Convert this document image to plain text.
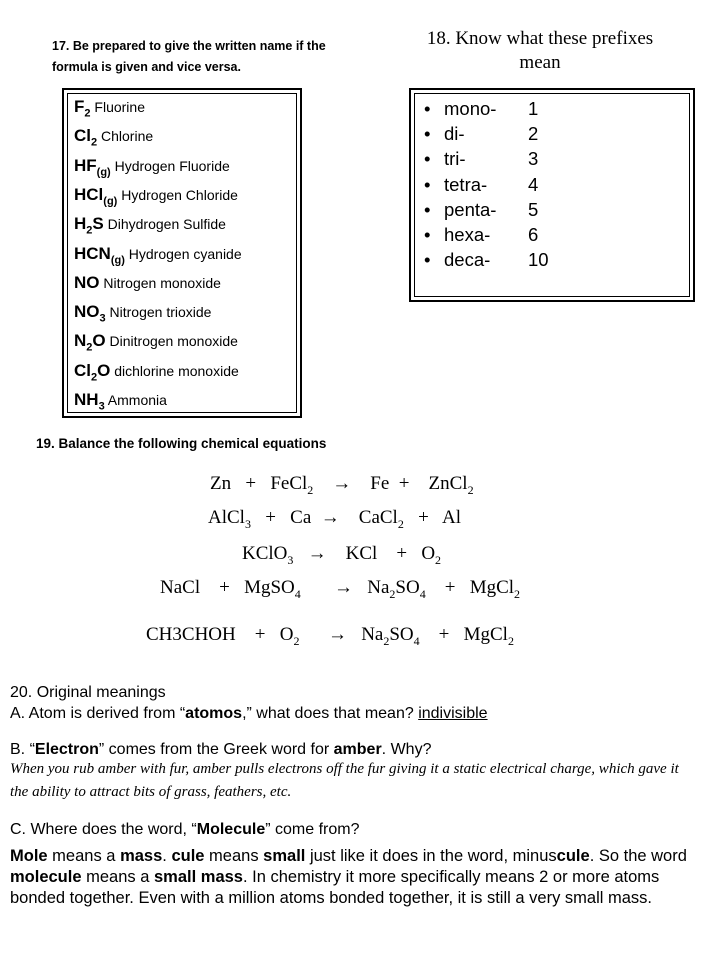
17. Be prepared to give the written name if the formula is given and vice versa.
18. Know what these prefixes mean
$F_2$ Fluorine
$Cl_2$ Chlorine
$HF_{(g)}$ Hydrogen Fluoride
HCl$_{(g)}$ Hydrogen Chloride
$H_2S$ Dihydrogen Sulfide
$HCN_{(g)}$ Hydrogen cyanide
NO Nitrogen monoxide
$NO_3$ Nitrogen trioxide
$N_2O$ Dinitrogen monoxide
$Cl_2O$ dichlorine monoxide
$NH_3$ Ammonia
• mono- 1
• di-	2
• tri-	3
• tetra- 4
• penta- 5
• hexa- 6
• deca- 10
19. Balance the following chemical equations
Zn + FeCl$_2$ → Fe + ZnCl$_2$
AlCl$_3$ + Ca → CaCl$_2$ + Al
KClO$_3$ → KCl + $O_2$
NaCl + MgSO$_4$ → $Na_2SO_4$ + MgCl$_2$
CH3CHOH + $O_2 \to Na_2SO_4$ + MgCl$_2$
20. Original meanings
A. Atom is derived from “atomos,” what does that mean? indivisible
B. “Electron” comes from the Greek word for amber. Why?
When you rub amber with fur, amber pulls electrons off the fur giving it a static electrical charge, which gave it the ability to attract bits of grass, feathers, etc.
C. Where does the word, “Molecule” come from?
Mole means a mass. cule means small just like it does in the word, minuscule. So the word molecule means a small mass. In chemistry it more specifically means 2 or more atoms bonded together. Even with a million atoms bonded together, it is still a very small mass.
